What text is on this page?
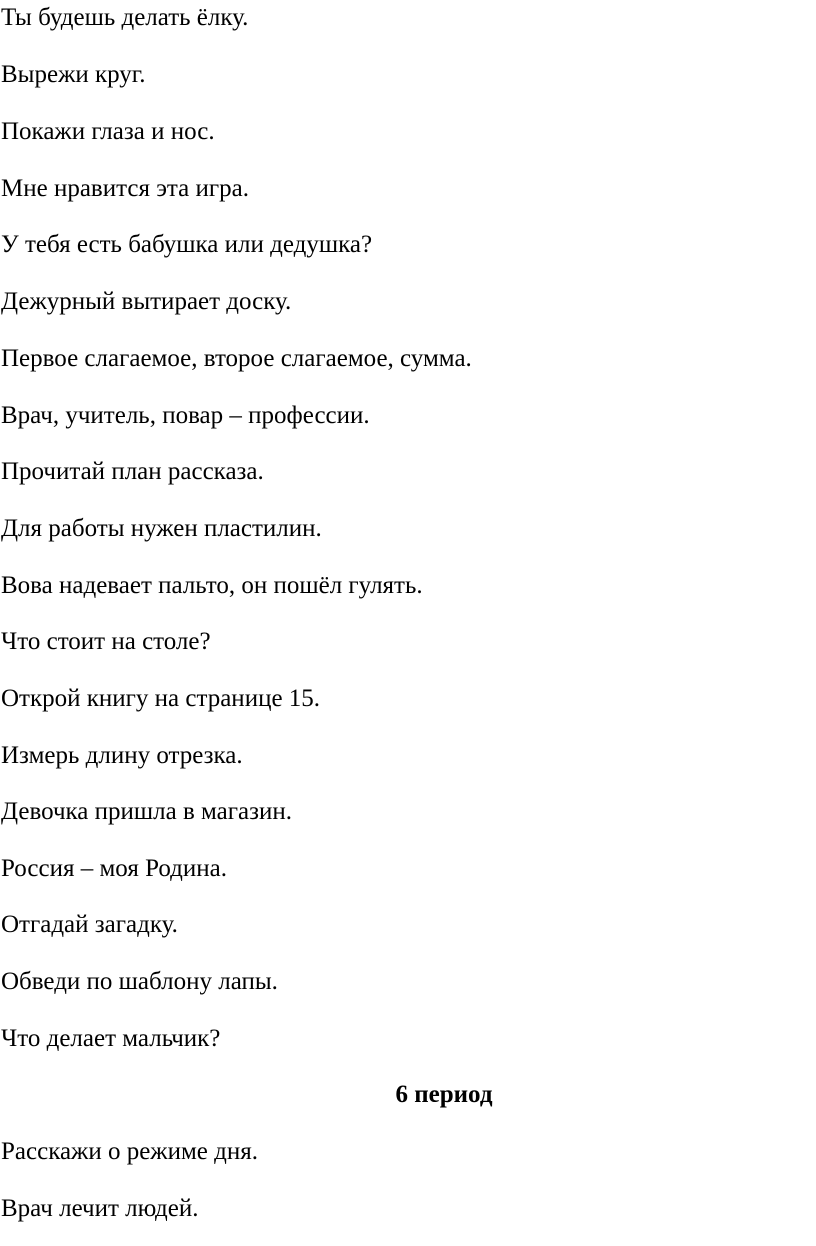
Ты будешь делать ёлку.
Вырежи круг.
Покажи глаза и нос.
Мне нравится эта игра.
У тебя есть бабушка или дедушка?
Дежурный вытирает доску.
Первое слагаемое, второе слагаемое, сумма.
Врач, учитель, повар – профессии.
Прочитай план рассказа.
Для работы нужен пластилин.
Вова надевает пальто, он пошёл гулять.
Что стоит на столе?
Открой книгу на странице 15.
Измерь длину отрезка.
Девочка пришла в магазин.
Россия – моя Родина.
Отгадай загадку.
Обведи по шаблону лапы.
Что делает мальчик?
6 период
Расскажи о режиме дня.
Врач лечит людей.
